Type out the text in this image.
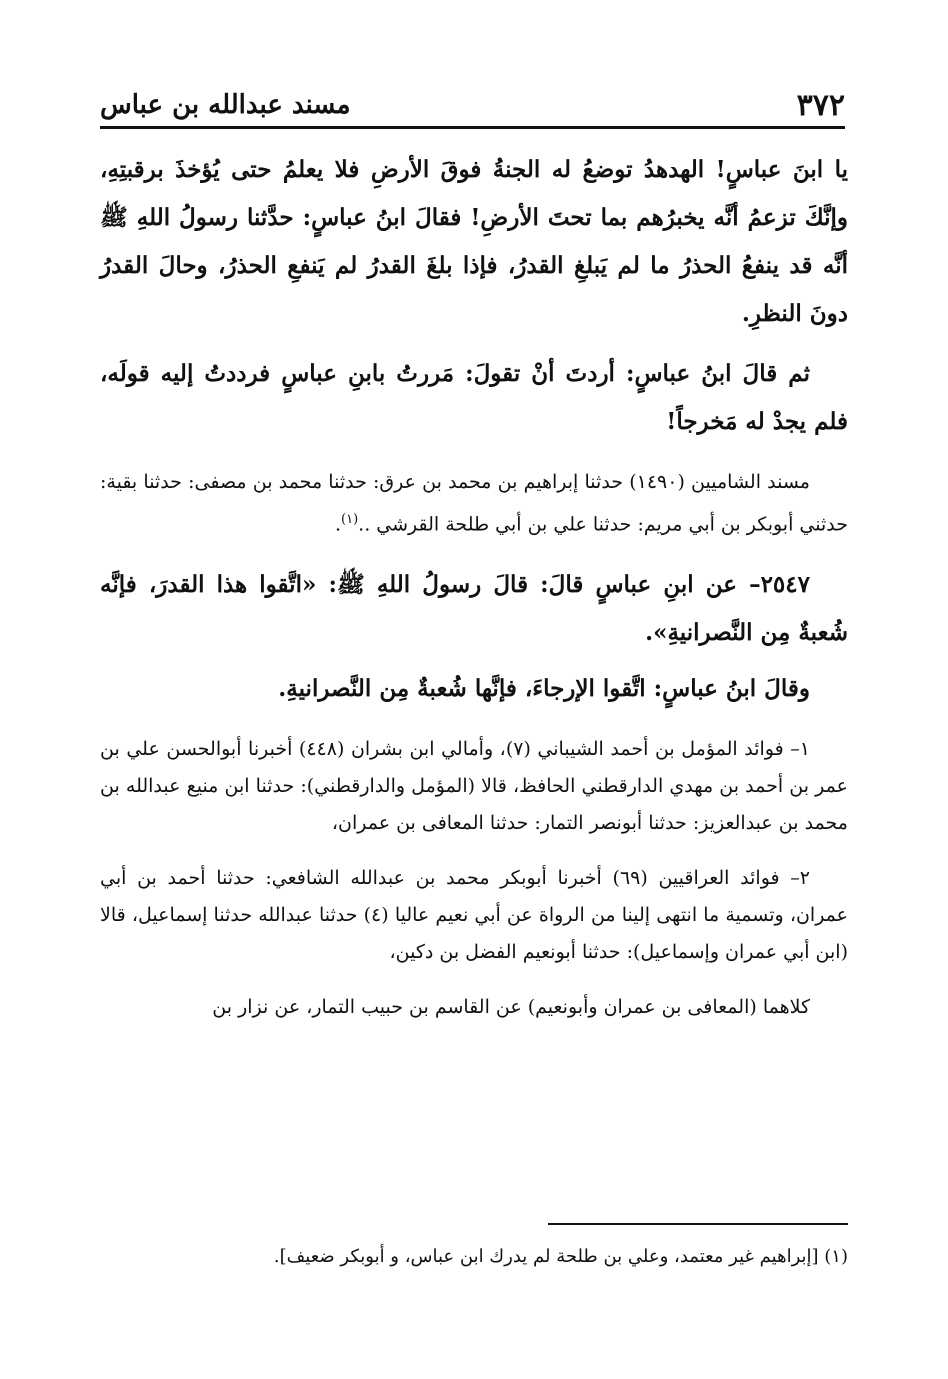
٣٧٢
مسند عبدالله بن عباس

يا ابنَ عباسٍ! الهدهدُ توضعُ له الجنةُ فوقَ الأرضِ فلا يعلمُ حتى يُؤخذَ برقبتِهِ، وإنَّكَ تزعمُ أنَّه يخبرُهم بما تحتَ الأرضِ! فقالَ ابنُ عباسٍ: حدَّثنا رسولُ اللهِ ﷺ أنَّه قد ينفعُ الحذرُ ما لم يَبلغِ القدرُ، فإذا بلغَ القدرُ لم يَنفعِ الحذرُ، وحالَ القدرُ دونَ النظرِ.

ثم قالَ ابنُ عباسٍ: أردتَ أنْ تقولَ: مَررتُ بابنِ عباسٍ فرددتُ إليه قولَه، فلم يجدْ له مَخرجاً!

مسند الشاميين (١٤٩٠) حدثنا إبراهيم بن محمد بن عرق: حدثنا محمد بن مصفى: حدثنا بقية: حدثني أبوبكر بن أبي مريم: حدثنا علي بن أبي طلحة القرشي ..$^{(١)}$.

٢٥٤٧– عن ابنِ عباسٍ قالَ: قالَ رسولُ اللهِ ﷺ: «اتَّقوا هذا القدرَ، فإنَّه شُعبةٌ مِن النَّصرانيةِ».

وقالَ ابنُ عباسٍ: اتَّقوا الإرجاءَ، فإنَّها شُعبةٌ مِن النَّصرانيةِ.

١– فوائد المؤمل بن أحمد الشيباني (٧)، وأمالي ابن بشران (٤٤٨) أخبرنا أبوالحسن علي بن عمر بن أحمد بن مهدي الدارقطني الحافظ، قالا (المؤمل والدارقطني): حدثنا ابن منيع عبدالله بن محمد بن عبدالعزيز: حدثنا أبونصر التمار: حدثنا المعافى بن عمران،

٢– فوائد العراقيين (٦٩) أخبرنا أبوبكر محمد بن عبدالله الشافعي: حدثنا أحمد بن أبي عمران، وتسمية ما انتهى إلينا من الرواة عن أبي نعيم عاليا (٤) حدثنا عبدالله حدثنا إسماعيل، قالا (ابن أبي عمران وإسماعيل): حدثنا أبونعيم الفضل بن دكين،

كلاهما (المعافى بن عمران وأبونعيم) عن القاسم بن حبيب التمار، عن نزار بن

(١) [إبراهيم غير معتمد، وعلي بن طلحة لم يدرك ابن عباس، و أبوبكر ضعيف].
